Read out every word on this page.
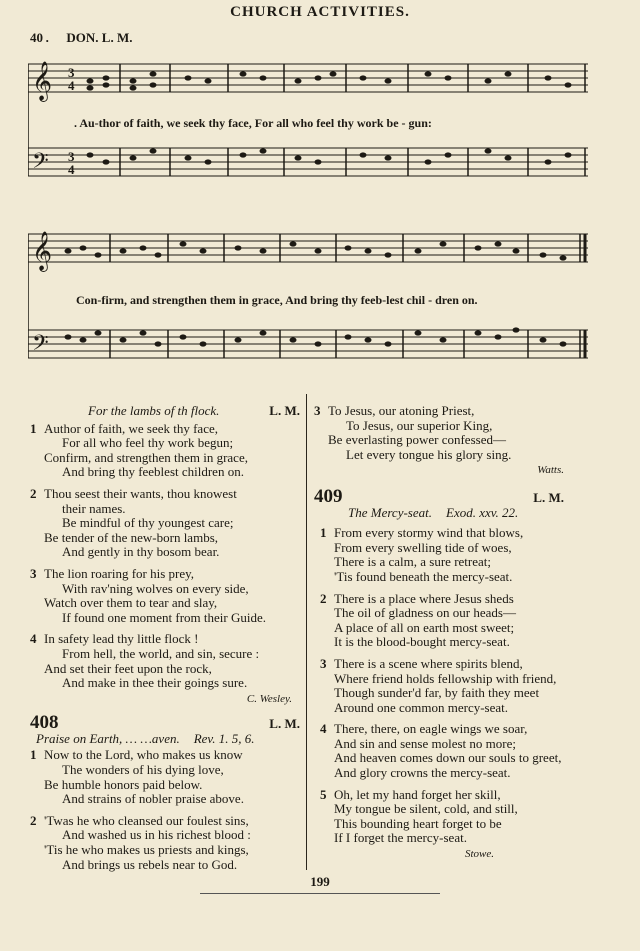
CHURCH ACTIVITIES.
40 .      DON. L. M.
𝄞
𝄢
3
4
3
4
. Au-thor of faith, we seek thy face, For all who feel thy work be - gun:
𝄞
𝄢
Con-firm, and strengthen them in grace, And bring thy feeb-lest chil - dren on.
For the lambs of th flock.	L. M.
1 Author of faith, we seek thy face,
For all who feel thy work begun;
Confirm, and strengthen them in grace,
And bring thy feeblest children on.
2 Thou seest their wants, thou knowest
their names.
Be mindful of thy youngest care;
Be tender of the new-born lambs,
And gently in thy bosom bear.
3 The lion roaring for his prey,
With rav'ning wolves on every side,
Watch over them to tear and slay,
If found one moment from their Guide.
4 In safety lead thy little flock !
From hell, the world, and sin, secure :
And set their feet upon the rock,
And make in thee their goings sure.
C. Wesley.
408	L. M.
Praise on Earth, … …aven. Rev. 1. 5, 6.
1 Now to the Lord, who makes us know
The wonders of his dying love,
Be humble honors paid below.
And strains of nobler praise above.
2 'Twas he who cleansed our foulest sins,
And washed us in his richest blood :
'Tis he who makes us priests and kings,
And brings us rebels near to God.
3 To Jesus, our atoning Priest,
To Jesus, our superior King,
Be everlasting power confessed—
Let every tongue his glory sing.
Watts.
409	L. M.
The Mercy-seat. Exod. xxv. 22.
1 From every stormy wind that blows,
From every swelling tide of woes,
There is a calm, a sure retreat;
'Tis found beneath the mercy-seat.
2 There is a place where Jesus sheds
The oil of gladness on our heads—
A place of all on earth most sweet;
It is the blood-bought mercy-seat.
3 There is a scene where spirits blend,
Where friend holds fellowship with friend,
Though sunder'd far, by faith they meet
Around one common mercy-seat.
4 There, there, on eagle wings we soar,
And sin and sense molest no more;
And heaven comes down our souls to greet,
And glory crowns the mercy-seat.
5 Oh, let my hand forget her skill,
My tongue be silent, cold, and still,
This bounding heart forget to be
If I forget the mercy-seat.
Stowe.
199
